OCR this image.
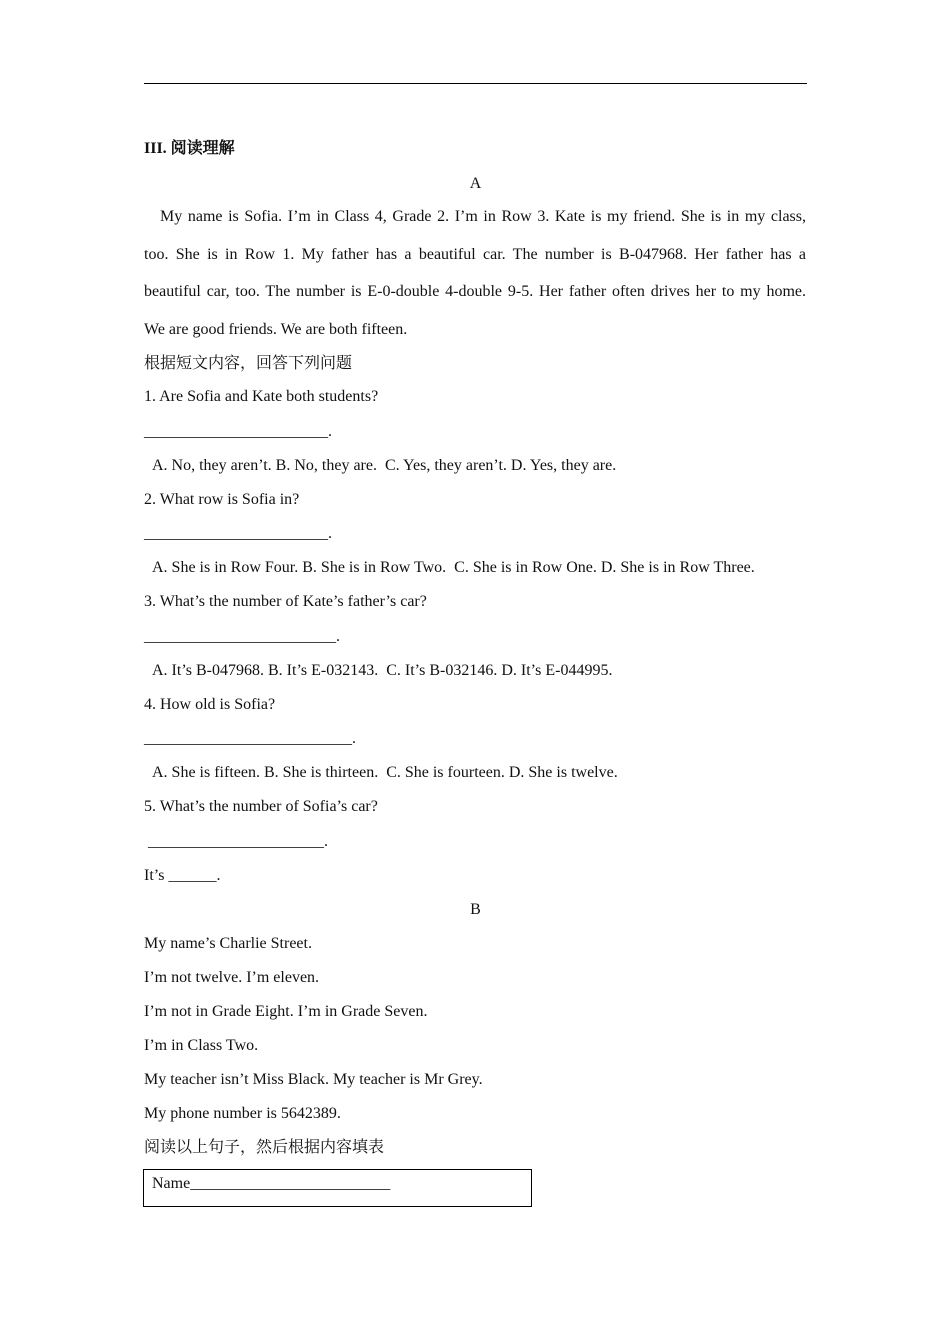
III. 阅读理解
A
My name is Sofia. I’m in Class 4, Grade 2. I’m in Row 3. Kate is my friend. She is in my class,
too. She is in Row 1. My father has a beautiful car. The number is B-047968. Her father has a
beautiful car, too. The number is E-0-double 4-double 9-5. Her father often drives her to my home.
We are good friends. We are both fifteen.
根据短文内容，回答下列问题
1. Are Sofia and Kate both students?
_______________________.
A. No, they aren’t. B. No, they are.  C. Yes, they aren’t. D. Yes, they are.
2. What row is Sofia in?
_______________________.
A. She is in Row Four. B. She is in Row Two.  C. She is in Row One. D. She is in Row Three.
3. What’s the number of Kate’s father’s car?
________________________.
A. It’s B-047968. B. It’s E-032143.  C. It’s B-032146. D. It’s E-044995.
4. How old is Sofia?
__________________________.
A. She is fifteen. B. She is thirteen.  C. She is fourteen. D. She is twelve.
5. What’s the number of Sofia’s car?
______________________.
It’s ______.
B
My name’s Charlie Street.
I’m not twelve. I’m eleven.
I’m not in Grade Eight. I’m in Grade Seven.
I’m in Class Two.
My teacher isn’t Miss Black. My teacher is Mr Grey.
My phone number is 5642389.
阅读以上句子，然后根据内容填表
Name_________________________
